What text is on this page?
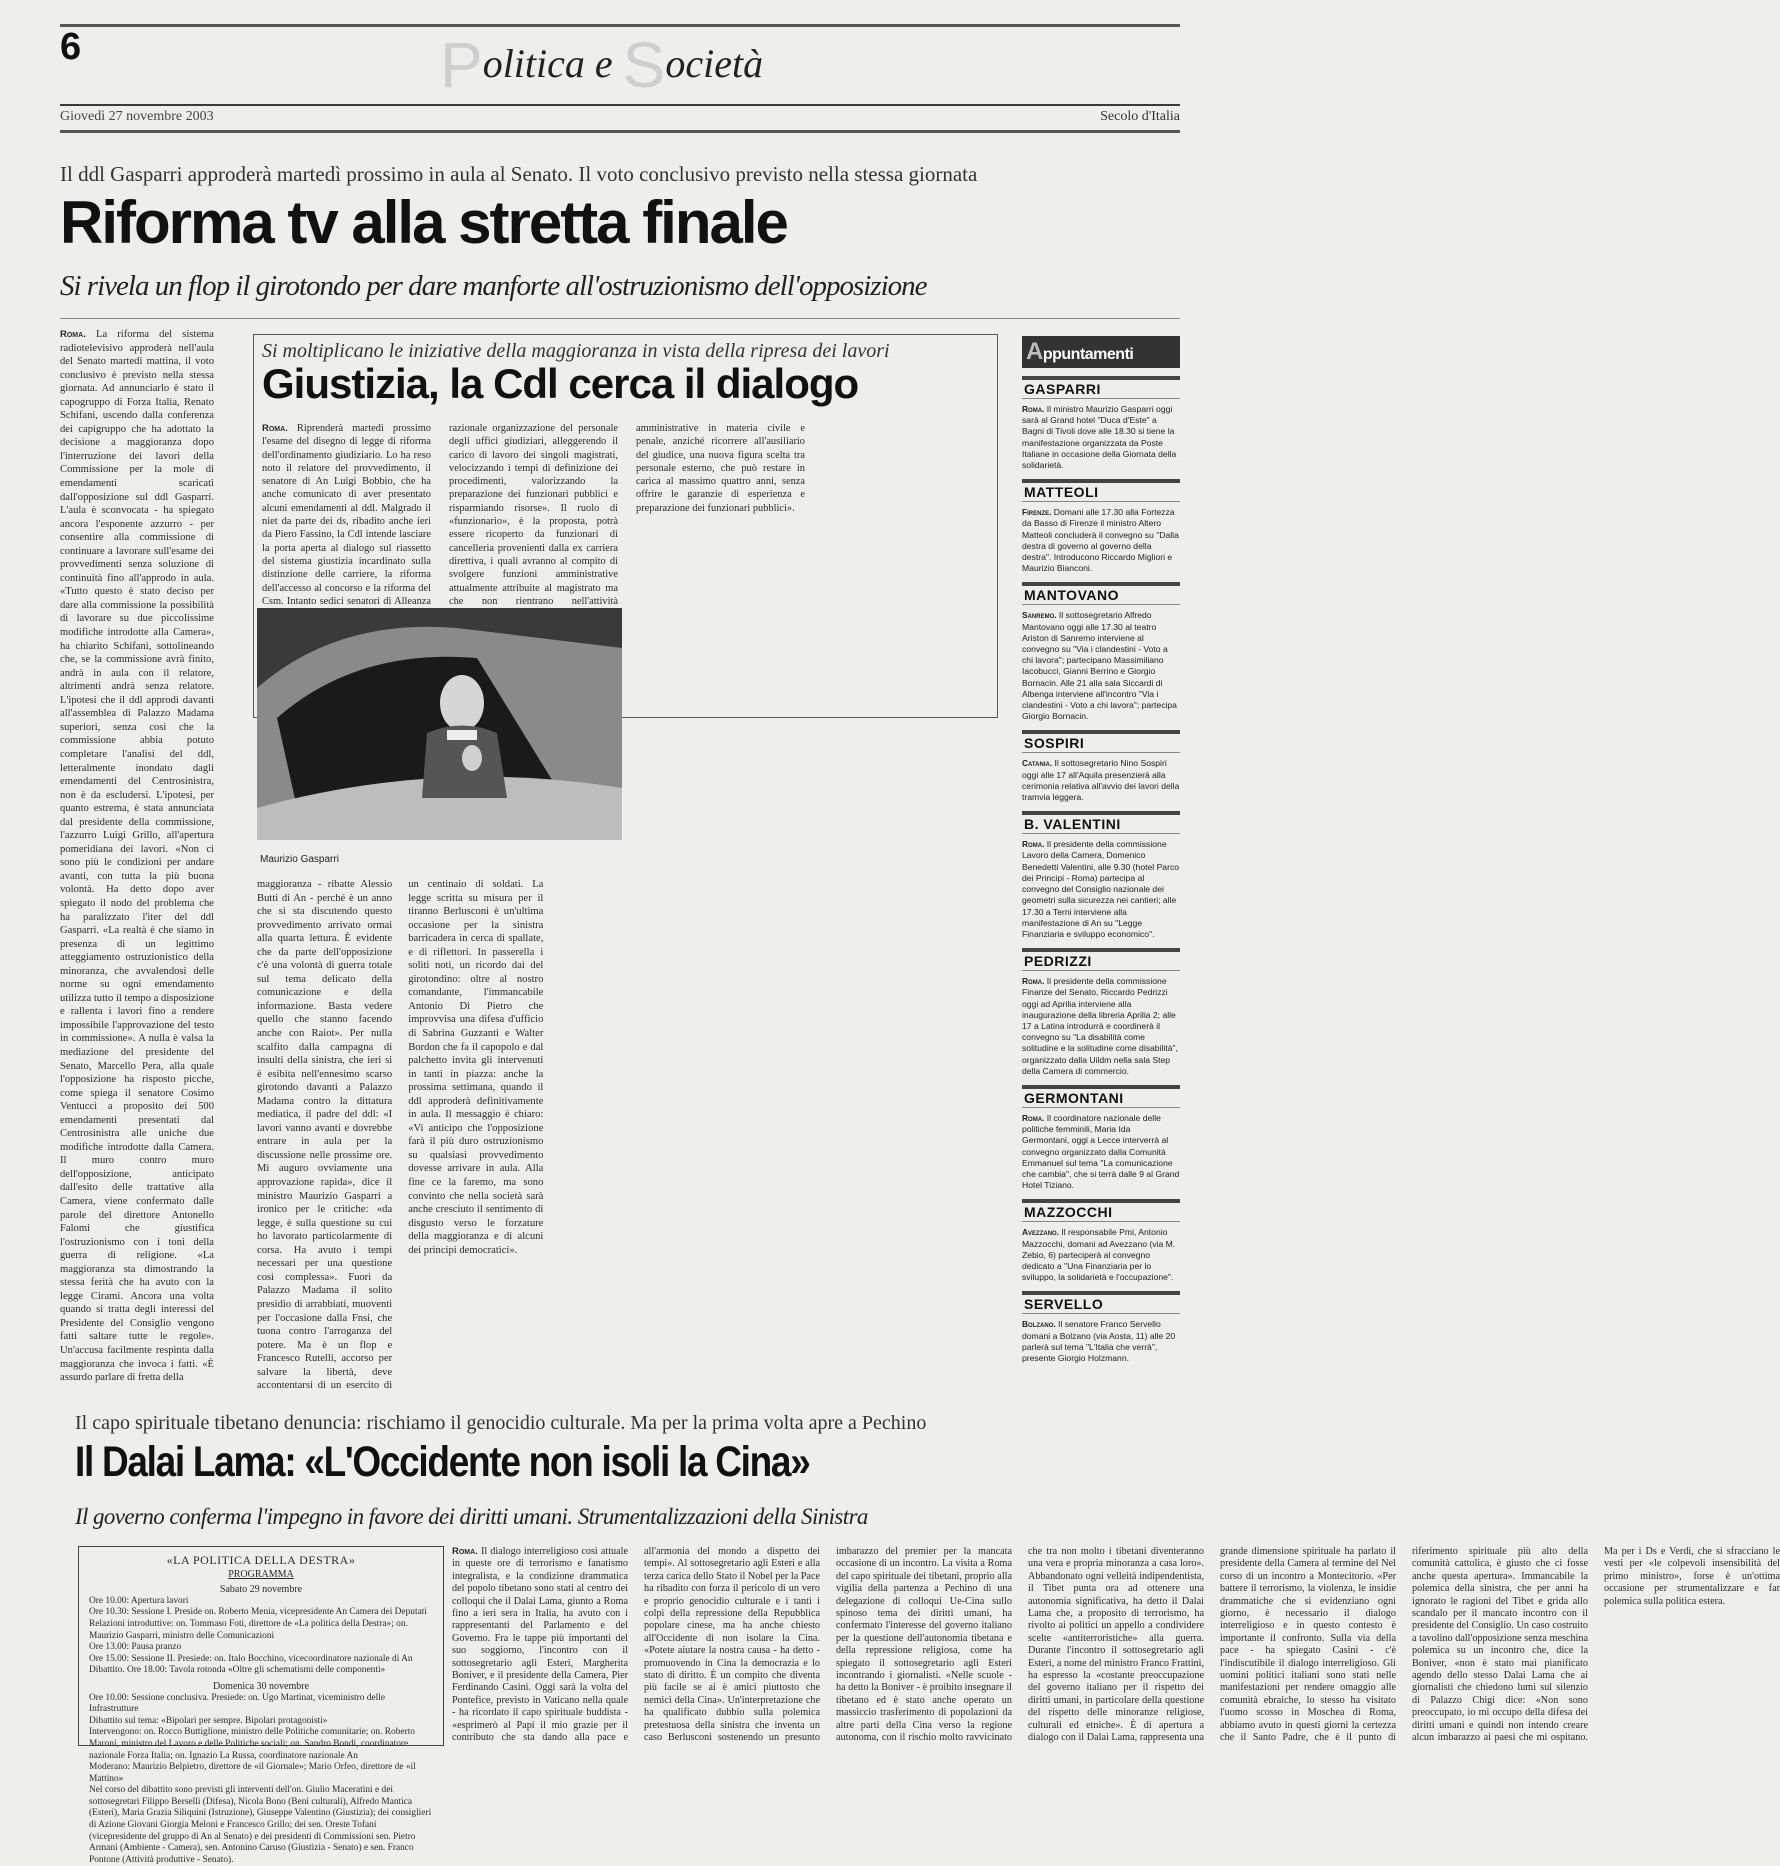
6	Politica e Società
Giovedì 27 novembre 2003	Secolo d'Italia
Il ddl Gasparri approderà martedì prossimo in aula al Senato. Il voto conclusivo previsto nella stessa giornata
Riforma tv alla stretta finale
Si rivela un flop il girotondo per dare manforte all'ostruzionismo dell'opposizione
Roma. La riforma del sistema radiotelevisivo approderà nell'aula del Senato martedì mattina, il voto conclusivo è previsto nella stessa giornata. Ad annunciarlo è stato il capogruppo di Forza Italia, Renato Schifani, uscendo dalla conferenza dei capigruppo che ha adottato la decisione a maggioranza dopo l'interruzione dei lavori della Commissione per la mole di emendamenti scaricati dall'opposizione sul ddl Gasparri. L'aula è sconvocata - ha spiegato ancora l'esponente azzurro - per consentire alla commissione di continuare a lavorare sull'esame dei provvedimenti senza soluzione di continuità fino all'approdo in aula. «Tutto questo è stato deciso per dare alla commissione la possibilità di lavorare su due piccolissime modifiche introdotte alla Camera», ha chiarito Schifani, sottolineando che, se la commissione avrà finito, andrà in aula con il relatore, altrimenti andrà senza relatore. L'ipotesi che il ddl approdi davanti all'assemblea di Palazzo Madama superiori, senza così che la commissione abbia potuto completare l'analisi del ddl, letteralmente inondato dagli emendamenti del Centrosinistra, non è da escludersi. L'ipotesi, per quanto estrema, è stata annunciata dal presidente della commissione, l'azzurro Luigi Grillo, all'apertura pomeridiana dei lavori. «Non ci sono più le condizioni per andare avanti, con tutta la più buona volontà. Ha detto dopo aver spiegato il nodo del problema che ha paralizzato l'iter del ddl Gasparri. «La realtà è che siamo in presenza di un legittimo atteggiamento ostruzionistico della minoranza, che avvalendosi delle norme su ogni emendamento utilizza tutto il tempo a disposizione e rallenta i lavori fino a rendere impossibile l'approvazione del testo in commissione». A nulla è valsa la mediazione del presidente del Senato, Marcello Pera, alla quale l'opposizione ha risposto picche, come spiega il senatore Cosimo Ventucci a proposito dei 500 emendamenti presentati dal Centrosinistra alle uniche due modifiche introdotte dalla Camera. Il muro contro muro dell'opposizione, anticipato dall'esito delle trattative alla Camera, viene confermato dalle parole del direttore Antonello Falomi che giustifica l'ostruzionismo con i toni della guerra di religione. «La maggioranza sta dimostrando la stessa ferità che ha avuto con la legge Cirami. Ancora una volta quando si tratta degli interessi del Presidente del Consiglio vengono fatti saltare tutte le regole». Un'accusa facilmente respinta dalla maggioranza che invoca i fatti. «È assurdo parlare di fretta della
Si moltiplicano le iniziative della maggioranza in vista della ripresa dei lavori
Giustizia, la Cdl cerca il dialogo
Roma. Riprenderà martedì prossimo l'esame del disegno di legge di riforma dell'ordinamento giudiziario. Lo ha reso noto il relatore del provvedimento, il senatore di An Luigi Bobbio, che ha anche comunicato di aver presentato alcuni emendamenti al ddl. Malgrado il niet da parte dei ds, ribadito anche ieri da Piero Fassino, la Cdl intende lasciare la porta aperta al dialogo sul riassetto del sistema giustizia incardinato sulla distinzione delle carriere, la riforma dell'accesso al concorso e la riforma del Csm. Intanto sedici senatori di Alleanza razionale organizzazione del personale degli uffici giudiziari, alleggerendo il carico di lavoro dei singoli magistrati, velocizzando i tempi di definizione dei procedimenti, valorizzando la preparazione dei funzionari pubblici e risparmiando risorse». Il ruolo di «funzionario», è la proposta, potrà essere ricoperto da funzionari di cancelleria provenienti dalla ex carriera direttiva, i quali avranno al compito di svolgere funzioni amministrative attualmente attribuite al magistrato ma che non rientrano nell'attività amministrative in materia civile e penale, anziché ricorrere all'ausiliario del giudice, una nuova figura scelta tra personale esterno, che può restare in carica al massimo quattro anni, senza offrire le garanzie di esperienza e preparazione dei funzionari pubblici».
Maurizio Gasparri
maggioranza - ribatte Alessio Butti di An - perché è un anno che si sta discutendo questo provvedimento arrivato ormai alla quarta lettura. È evidente che da parte dell'opposizione c'è una volontà di guerra totale sul tema delicato della comunicazione e della informazione. Basta vedere quello che stanno facendo anche con Raiot». Per nulla scalfito dalla campagna di insulti della sinistra, che ieri si è esibita nell'ennesimo scarso girotondo davanti a Palazzo Madama contro la dittatura mediatica, il padre del ddl: «I lavori vanno avanti e dovrebbe entrare in aula per la discussione nelle prossime ore. Mi auguro ovviamente una approvazione rapida», dice il ministro Maurizio Gasparri a ironico per le critiche: «da legge, è sulla questione su cui ho lavorato particolarmente di corsa. Ha avuto i tempi necessari per una questione così complessa». Fuori da Palazzo Madama il solito presidio di arrabbiati, muoventi per l'occasione dalla Fnsi, che tuona contro l'arroganza del potere. Ma è un flop e Francesco Rutelli, accorso per salvare la libertà, deve accontentarsi di un esercito di un centinaio di soldati. La legge scritta su misura per il tiranno Berlusconi è un'ultima occasione per la sinistra barricadera in cerca di spallate, e di riflettori. In passerella i soliti noti, un ricordo dai del girotondino: oltre al nostro comandante, l'immancabile Antonio Di Pietro che improvvisa una difesa d'ufficio di Sabrina Guzzanti e Walter Bordon che fa il capopolo e dal palchetto invita gli intervenuti in tanti in piazza: anche la prossima settimana, quando il ddl approderà definitivamente in aula. Il messaggio è chiaro: «Vi anticipo che l'opposizione farà il più duro ostruzionismo su qualsiasi provvedimento dovesse arrivare in aula. Alla fine ce la faremo, ma sono convinto che nella società sarà anche cresciuto il sentimento di disgusto verso le forzature della maggioranza e di alcuni dei principi democratici».
Appuntamenti
GASPARRI
Roma. Il ministro Maurizio Gasparri oggi sarà al Grand hotel "Duca d'Este" a Bagni di Tivoli dove alle 18.30 si tiene la manifestazione organizzata da Poste Italiane in occasione della Giornata della solidarietà.
MATTEOLI
Firenze. Domani alle 17.30 alla Fortezza da Basso di Firenze il ministro Altero Matteoli concluderà il convegno su "Dalla destra di governo al governo della destra". Introducono Riccardo Migliori e Maurizio Bianconi.
MANTOVANO
Sanremo. Il sottosegretario Alfredo Mantovano oggi alle 17.30 al teatro Ariston di Sanremo interviene al convegno su "Via i clandestini - Voto a chi lavora"; partecipano Massimiliano Iacobucci, Gianni Berrino e Giorgio Bornacin. Alle 21 alla sala Siccardi di Albenga interviene all'incontro "Via i clandestini - Voto a chi lavora"; partecipa Giorgio Bornacin.
SOSPIRI
Catania. Il sottosegretario Nino Sospiri oggi alle 17 all'Aquila presenzierà alla cerimonia relativa all'avvio dei lavori della tramvia leggera.
B. VALENTINI
Roma. Il presidente della commissione Lavoro della Camera, Domenico Benedetti Valentini, alle 9.30 (hotel Parco dei Principi - Roma) partecipa al convegno del Consiglio nazionale dei geometri sulla sicurezza nei cantieri; alle 17.30 a Terni interviene alla manifestazione di An su "Legge Finanziaria e sviluppo economico".
PEDRIZZI
Roma. Il presidente della commissione Finanze del Senato, Riccardo Pedrizzi oggi ad Aprilia interviene alla inaugurazione della libreria Aprilia 2; alle 17 a Latina introdurrà e coordinerà il convegno su "La disabilità come solitudine e la solitudine come disabilità", organizzato dalla Uildm nella sala Step della Camera di commercio.
GERMONTANI
Roma. Il coordinatore nazionale delle politiche femminili, Maria Ida Germontani, oggi a Lecce interverrà al convegno organizzato dalla Comunità Emmanuel sul tema "La comunicazione che cambia", che si terrà dalle 9 al Grand Hotel Tiziano.
MAZZOCCHI
Avezzano. Il responsabile Pmi, Antonio Mazzocchi, domani ad Avezzano (via M. Zebio, 6) parteciperà al convegno dedicato a "Una Finanziaria per lo sviluppo, la solidarietà e l'occupazione".
SERVELLO
Bolzano. Il senatore Franco Servello domani a Bolzano (via Aosta, 11) alle 20 parlerà sul tema "L'Italia che verrà", presente Giorgio Holzmann.
Il capo spirituale tibetano denuncia: rischiamo il genocidio culturale. Ma per la prima volta apre a Pechino
Il Dalai Lama: «L'Occidente non isoli la Cina»
Il governo conferma l'impegno in favore dei diritti umani. Strumentalizzazioni della Sinistra
«LA POLITICA DELLA DESTRA»
PROGRAMMA
Sabato 29 novembre

Ore 10.00: Apertura lavori

Ore 10.30: Sessione I. Preside on. Roberto Menia, vicepresidente An Camera dei Deputati

Relazioni introduttive: on. Tommaso Foti, direttore de «La politica della Destra»; on. Maurizio Gasparri, ministro delle Comunicazioni

Ore 13.00: Pausa pranzo

Ore 15.00: Sessione II. Presiede: on. Italo Bocchino, vicecoordinatore nazionale di An

Dibattito. Ore 18.00: Tavola rotonda «Oltre gli schematismi delle componenti»

Domenica 30 novembre

Ore 10.00: Sessione conclusiva. Presiede: on. Ugo Martinat, viceministro delle Infrastrutture

Dibattito sul tema: «Bipolari per sempre. Bipolari protagonisti»

Intervengono: on. Rocco Buttiglione, ministro delle Politiche comunitarie; on. Roberto Maroni, ministro del Lavoro e delle Politiche sociali; on. Sandro Bondi, coordinatore nazionale Forza Italia; on. Ignazio La Russa, coordinatore nazionale An

Moderano: Maurizio Belpietro, direttore de «il Giornale»; Mario Orfeo, direttore de «il Mattino»

Nel corso del dibattito sono previsti gli interventi dell'on. Giulio Maceratini e dei sottosegretari Filippo Berselli (Difesa), Nicola Bono (Beni culturali), Alfredo Mantica (Esteri), Maria Grazia Siliquini (Istruzione), Giuseppe Valentino (Giustizia); dei consiglieri di Azione Giovani Giorgia Meloni e Francesco Grillo; dei sen. Oreste Tofani (vicepresidente del gruppo di An al Senato) e dei presidenti di Commissioni sen. Pietro Armani (Ambiente - Camera), sen. Antonino Caruso (Giustizia - Senato) e sen. Franco Pontone (Attività produttive - Senato).

Roma. Il dialogo interreligioso così attuale in queste ore di terrorismo e fanatismo integralista, e la condizione drammatica del popolo tibetano sono stati al centro dei colloqui che il Dalai Lama, giunto a Roma fino a ieri sera in Italia, ha avuto con i rappresentanti del Parlamento e del Governo. Fra le tappe più importanti del suo soggiorno, l'incontro con il sottosegretario agli Esteri, Margherita Boniver, e il presidente della Camera, Pier Ferdinando Casini. Oggi sarà la volta del Pontefice, previsto in Vaticano nella quale - ha ricordato il capo spirituale buddista - «esprimerò al Papi il mio grazie per il contributo che sta dando alla pace e all'armonia del mondo a dispetto dei tempi». Al sottosegretario agli Esteri e alla terza carica dello Stato il Nobel per la Pace ha ribadito con forza il pericolo di un vero e proprio genocidio culturale e i tanti i colpi della repressione della Repubblica popolare cinese, ma ha anche chiesto all'Occidente di non isolare la Cina. «Potete aiutare la nostra causa - ha detto - promuovendo in Cina la democrazia e lo stato di diritto. È un compito che diventa più facile se ai è amici piuttosto che nemici della Cina». Un'interpretazione che ha qualificato dubbio sulla polemica pretestuosa della sinistra che inventa un caso Berlusconi sostenendo un presunto imbarazzo del premier per la mancata occasione di un incontro. La visita a Roma del capo spirituale dei tibetani, proprio alla vigilia della partenza a Pechino di una delegazione di colloqui Ue-Cina sullo spinoso tema dei diritti umani, ha confermato l'interesse del governo italiano per la questione dell'autonomia tibetana e della repressione religiosa, come ha spiegato il sottosegretario agli Esteri incontrando i giornalisti. «Nelle scuole - ha detto la Boniver - è proibito insegnare il tibetano ed è stato anche operato un massiccio trasferimento di popolazioni da altre parti della Cina verso la regione autonoma, con il rischio molto ravvicinato che tra non molto i tibetani diventeranno una vera e propria minoranza a casa loro». Abbandonato ogni velleità indipendentista, il Tibet punta ora ad ottenere una autonomia significativa, ha detto il Dalai Lama che, a proposito di terrorismo, ha rivolto ai politici un appello a condividere scelte «antiterroristiche» alla guerra. Durante l'incontro il sottosegretario agli Esteri, a nome del ministro Franco Frattini, ha espresso la «costante preoccupazione del governo italiano per il rispetto dei diritti umani, in particolare della questione del rispetto delle minoranze religiose, culturali ed etniche». È di apertura a dialogo con il Dalai Lama, rappresenta una grande dimensione spirituale ha parlato il presidente della Camera al termine del Nel corso di un incontro a Montecitorio. «Per battere il terrorismo, la violenza, le insidie drammatiche che si evidenziano ogni giorno, è necessario il dialogo interreligioso e in questo contesto è importante il confronto. Sulla via della pace - ha spiegato Casini - c'è l'indiscutibile il dialogo interreligioso. Gli uomini politici italiani sono stati nelle manifestazioni per rendere omaggio alle comunità ebraiche, lo stesso ha visitato l'uomo scosso in Moschea di Roma, abbiamo avuto in questi giorni la certezza che il Santo Padre, che è il punto di riferimento spirituale più alto della comunità cattolica, è giusto che ci fosse anche questa apertura». Immancabile la polemica della sinistra, che per anni ha ignorato le ragioni del Tibet e grida allo scandalo per il mancato incontro con il presidente del Consiglio. Un caso costruito a tavolino dall'opposizione senza meschina polemica su un incontro che, dice la Boniver, «non è stato mai pianificato agendo dello stesso Dalai Lama che ai giornalisti che chiedono lumi sul silenzio di Palazzo Chigi dice: «Non sono preoccupato, io mi occupo della difesa dei diritti umani e quindi non intendo creare alcun imbarazzo ai paesi che mi ospitano. Ma per i Ds e Verdi, che si sfracciano le vesti per «le colpevoli insensibilità del primo ministro», forse è un'ottima occasione per strumentalizzare e far polemica sulla politica estera.
